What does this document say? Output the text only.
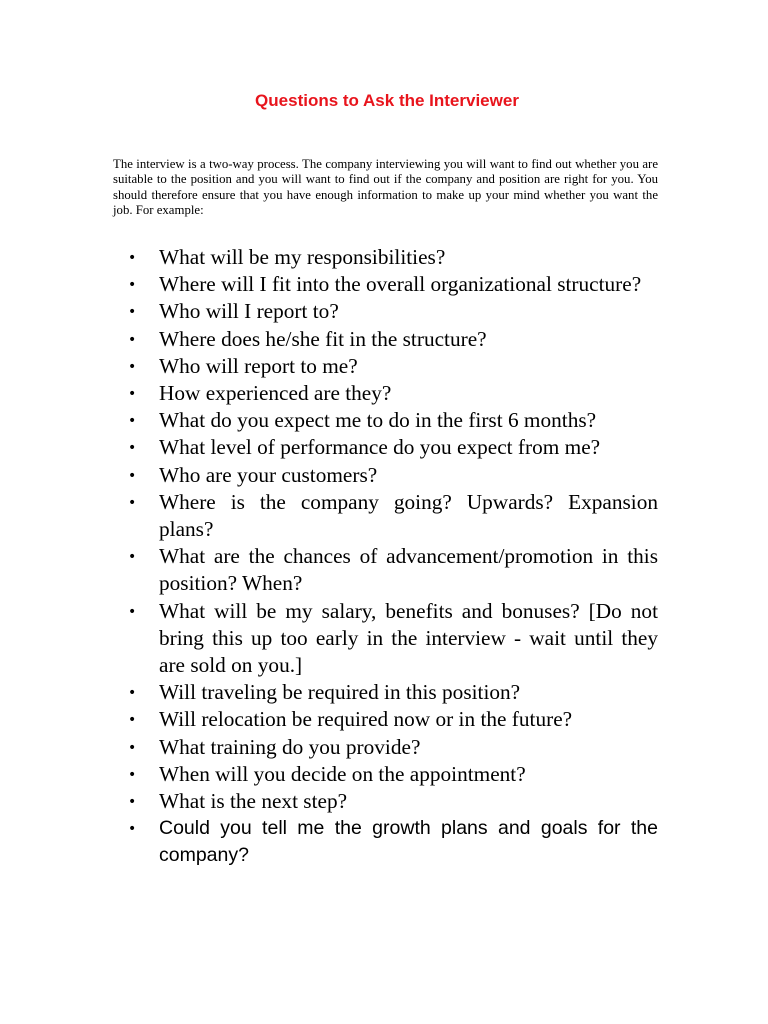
Questions to Ask the Interviewer

The interview is a two-way process. The company interviewing you will want to find out whether you are suitable to the position and you will want to find out if the company and position are right for you. You should therefore ensure that you have enough information to make up your mind whether you want the job. For example:

• What will be my responsibilities?
• Where will I fit into the overall organizational structure?
• Who will I report to?
• Where does he/she fit in the structure?
• Who will report to me?
• How experienced are they?
• What do you expect me to do in the first 6 months?
• What level of performance do you expect from me?
• Who are your customers?
• Where is the company going? Upwards? Expansion plans?
• What are the chances of advancement/promotion in this position? When?
• What will be my salary, benefits and bonuses? [Do not bring this up too early in the interview - wait until they are sold on you.]
• Will traveling be required in this position?
• Will relocation be required now or in the future?
• What training do you provide?
• When will you decide on the appointment?
• What is the next step?
• Could you tell me the growth plans and goals for the company?
